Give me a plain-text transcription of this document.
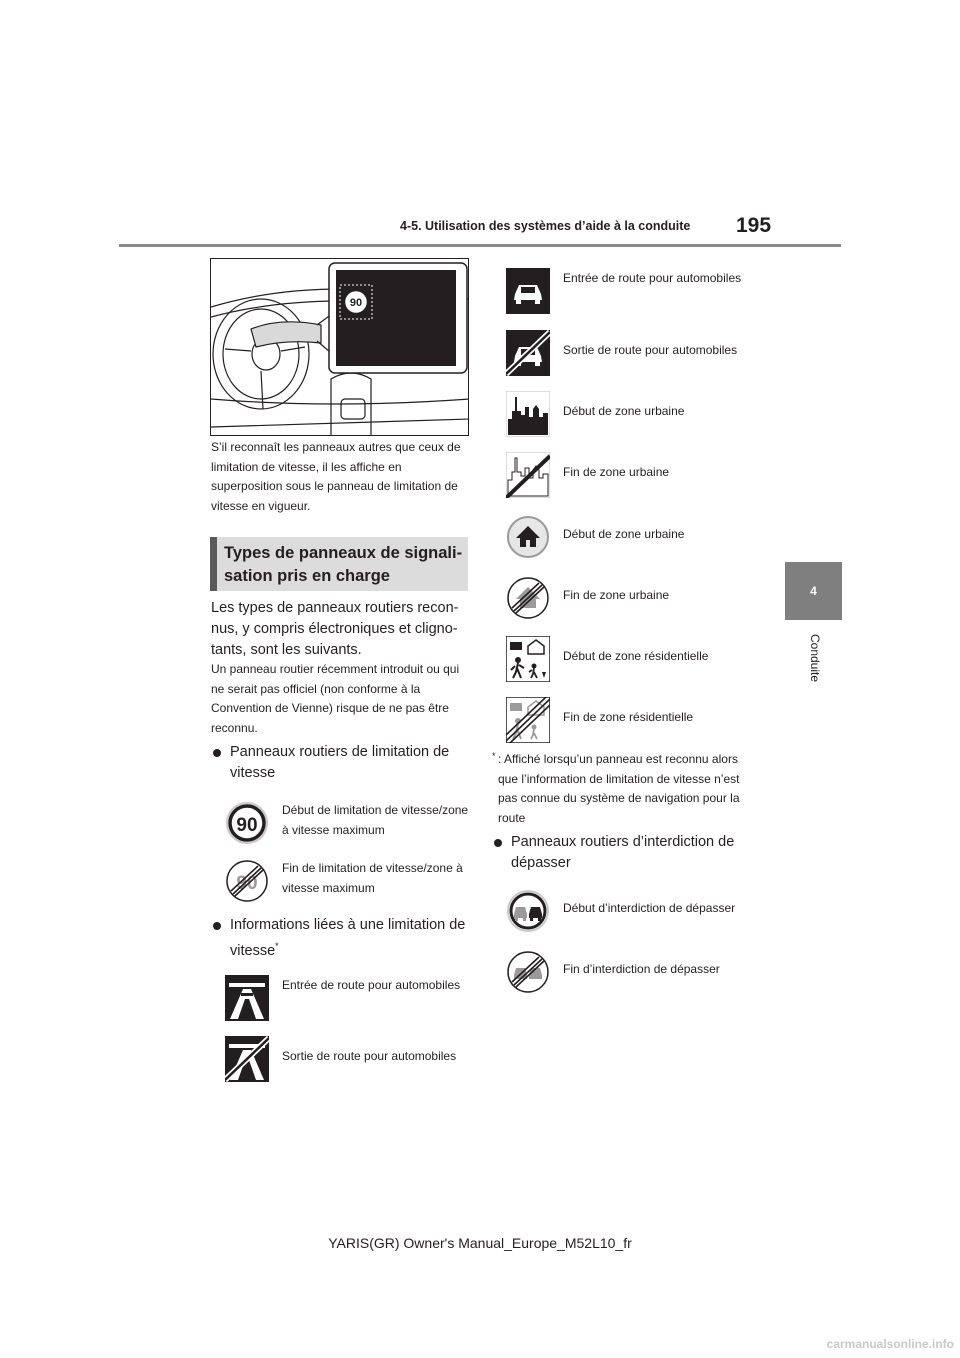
4-5. Utilisation des systèmes d’aide à la conduite 195
4
Conduite
90
S’il reconnaît les panneaux autres que ceux de limitation de vitesse, il les affiche en superposition sous le panneau de limitation de vitesse en vigueur.
Types de panneaux de signali-
sation pris en charge
Les types de panneaux routiers reconnus, y compris électroniques et clignotants, sont les suivants.
Un panneau routier récemment introduit ou qui ne serait pas officiel (non conforme à la Convention de Vienne) risque de ne pas être reconnu.
Panneaux routiers de limitation de vitesse
90
Début de limitation de vitesse/zone à vitesse maximum
90
Fin de limitation de vitesse/zone à vitesse maximum
Informations liées à une limitation de vitesse*
Entrée de route pour automobiles
Sortie de route pour automobiles
Entrée de route pour automobiles
Sortie de route pour automobiles
Début de zone urbaine
Fin de zone urbaine
Début de zone urbaine
Fin de zone urbaine
Début de zone résidentielle
Fin de zone résidentielle
* : Affiché lorsqu’un panneau est reconnu alors que l’information de limitation de vitesse n’est pas connue du système de navigation pour la route
Panneaux routiers d’interdiction de dépasser
Début d’interdiction de dépasser
Fin d’interdiction de dépasser
YARIS(GR) Owner's Manual_Europe_M52L10_fr
carmanualsonline.info
